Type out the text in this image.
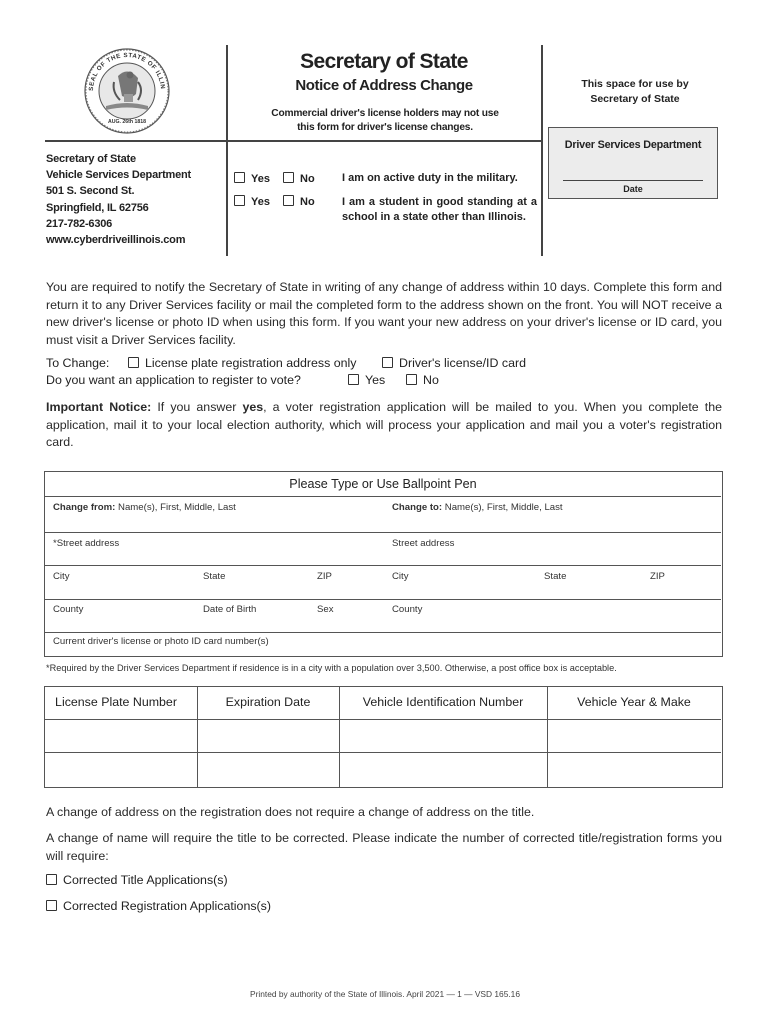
SEAL OF THE STATE OF ILLIN
AUG. 26th 1818
Secretary of State
Notice of Address Change
Commercial driver's license holders may not use this form for driver's license changes.
This space for use by Secretary of State
Driver Services Department
Date
Secretary of State
Vehicle Services Department
501 S. Second St.
Springfield, IL 62756
217-782-6306
www.cyberdriveillinois.com
Yes	No I am on active duty in the military.
Yes	No I am a student in good standing at a school in a state other than Illinois.
You are required to notify the Secretary of State in writing of any change of address within 10 days. Complete this form and return it to any Driver Services facility or mail the completed form to the address shown on the front. You will NOT receive a new driver's license or photo ID when using this form. If you want your new address on your driver's license or ID card, you must visit a Driver Services facility.
To Change:	License plate registration address only	Driver's license/ID card
Do you want an application to register to vote?	Yes	No
Important Notice: If you answer yes, a voter registration application will be mailed to you. When you complete the application, mail it to your local election authority, which will process your application and mail you a voter's registration card.
Please Type or Use Ballpoint Pen
Change from: Name(s), First, Middle, Last	Change to: Name(s), First, Middle, Last
*Street address	Street address
City	State	ZIP	City	State	ZIP
County	Date of Birth	Sex	County
Current driver's license or photo ID card number(s)
*Required by the Driver Services Department if residence is in a city with a population over 3,500. Otherwise, a post office box is acceptable.
License Plate Number	Expiration Date	Vehicle Identification Number	Vehicle Year & Make
A change of address on the registration does not require a change of address on the title.
A change of name will require the title to be corrected. Please indicate the number of corrected title/registration forms you will require:
Corrected Title Applications(s)
Corrected Registration Applications(s)
Printed by authority of the State of Illinois. April 2021 — 1 — VSD 165.16
